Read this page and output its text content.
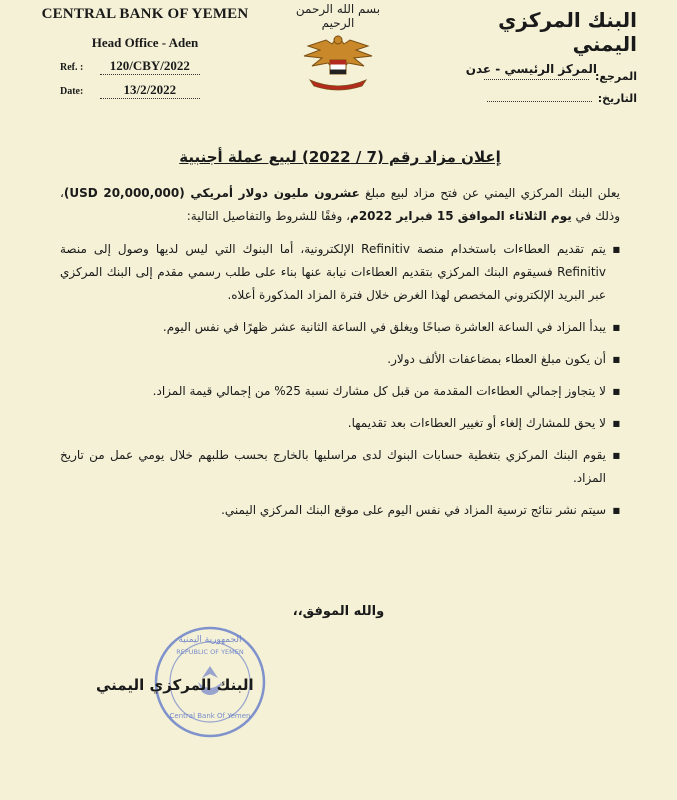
CENTRAL BANK OF YEMEN
Head Office - Aden
Ref. : 120/CBY/2022
Date:	13/2/2022
بسم الله الرحمن الرحيم	البنك المركزي اليمني
المركز الرئيسي - عدن
المرجع:
التاريخ:
إعلان مزاد رقم (7 / 2022) لبيع عملة أجنبية

يعلن البنك المركزي اليمني عن فتح مزاد لبيع مبلغ عشرون مليون دولار أمريكي (20,000,000 USD)، وذلك في يوم الثلاثاء الموافق 15 فبراير 2022م، وفقًا للشروط والتفاصيل التالية:

■ يتم تقديم العطاءات باستخدام منصة Refinitiv الإلكترونية، أما البنوك التي ليس لديها وصول إلى منصة Refinitiv فسيقوم البنك المركزي بتقديم العطاءات نيابة عنها بناء على طلب رسمي مقدم إلى البنك المركزي عبر البريد الإلكتروني المخصص لهذا الغرض خلال فترة المزاد المذكورة أعلاه.
■ يبدأ المزاد في الساعة العاشرة صباحًا ويغلق في الساعة الثانية عشر ظهرًا في نفس اليوم.
■ أن يكون مبلغ العطاء بمضاعفات الألف دولار.
■ لا يتجاوز إجمالي العطاءات المقدمة من قبل كل مشارك نسبة 25% من إجمالي قيمة المزاد.
■ لا يحق للمشارك إلغاء أو تغيير العطاءات بعد تقديمها.
■ يقوم البنك المركزي بتغطية حسابات البنوك لدى مراسليها بالخارج بحسب طلبهم خلال يومي عمل من تاريخ المزاد.
■ سيتم نشر نتائج ترسية المزاد في نفس اليوم على موقع البنك المركزي اليمني.
والله الموفق،،
الجمهورية اليمنية
REPUBLIC OF YEMEN
Central Bank Of Yemen
البنك المركزي اليمني
